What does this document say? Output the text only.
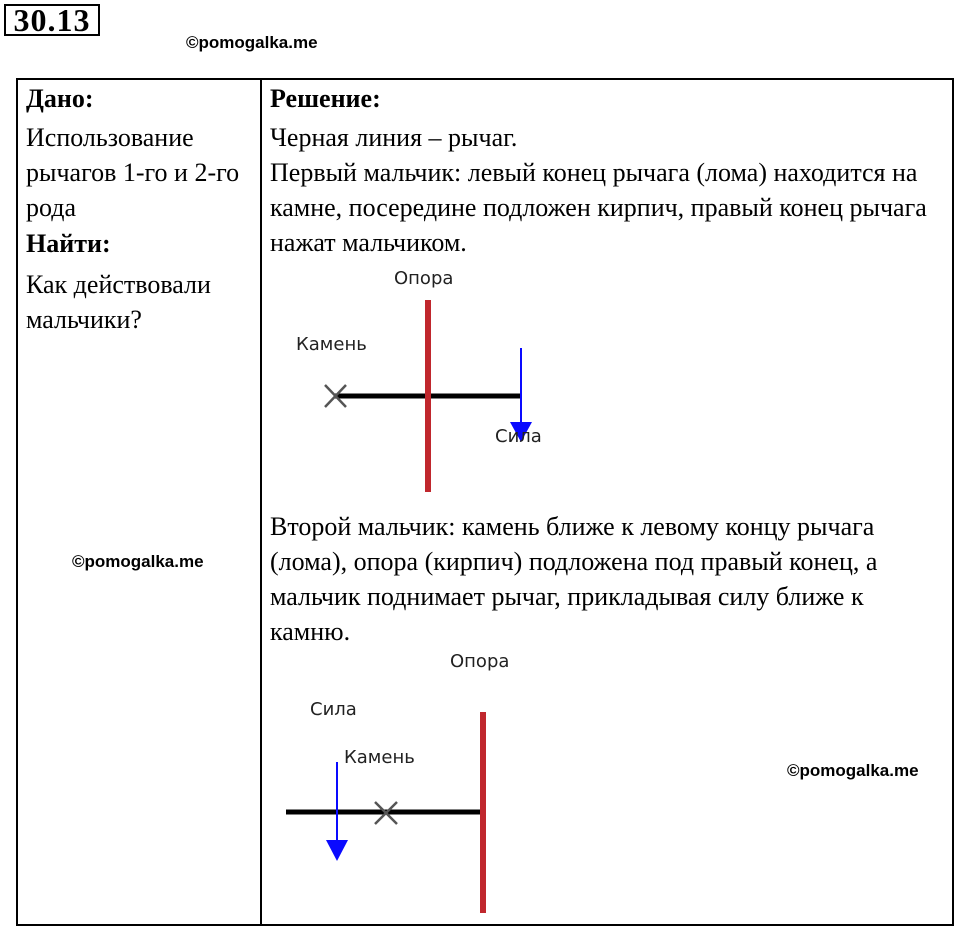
30.13
©pomogalka.me

Дано:

Использование рычагов 1-го и 2-го рода

Найти:

Как действовали мальчики?

©pomogalka.me

Решение:

Черная линия – рычаг.

Первый мальчик: левый конец рычага (лома) находится на камне, посередине подложен кирпич, правый конец рычага нажат мальчиком.

Опора
Камень
Сила

Второй мальчик: камень ближе к левому концу рычага (лома), опора (кирпич) подложена под правый конец, а мальчик поднимает рычаг, прикладывая силу ближе к камню.

Опора
Сила
Камень
©pomogalka.me
